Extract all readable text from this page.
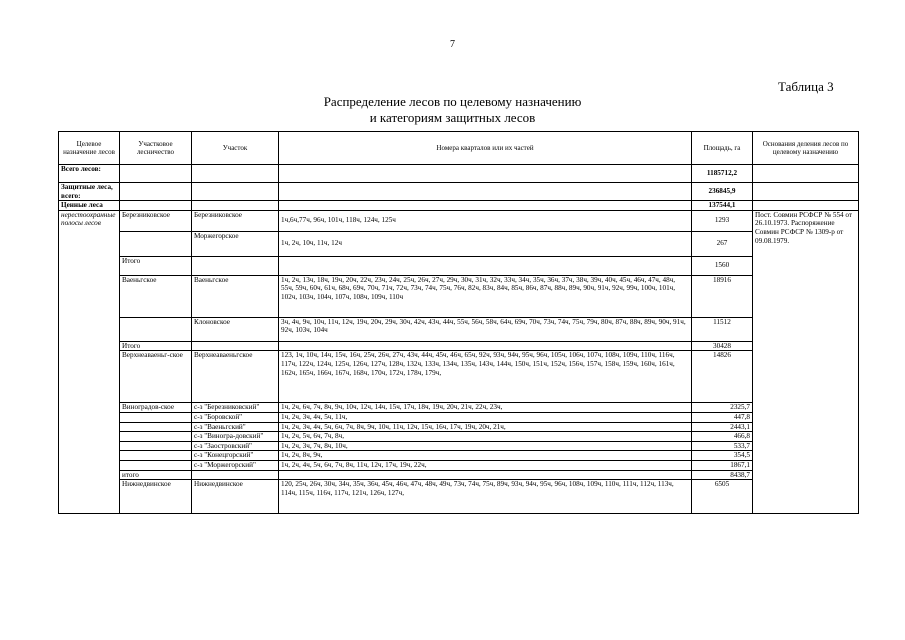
7
Таблица 3
Распределение лесов по целевому назначению
и категориям защитных лесов
Целевое назначение лесов	Участковое лесничество	Участок	Номера кварталов или их частей	Площадь, га	Основания деления лесов по целевому назначению
Всего лесов:				1185712,2	
Защитные леса, всего:				236845,9	
Ценные леса				137544,1	
нерестоохранные полосы лесов	Березниковское	Березниковское	1ч,6ч,77ч, 96ч, 101ч, 118ч, 124ч, 125ч	1293	Пост. Совмин РСФСР № 554 от 26.10.1973. Распоряжение Совмин РСФСР № 1309-р от 09.08.1979.
		Моржегорское	1ч, 2ч, 10ч, 11ч, 12ч	267	
	Итого			1560	
	Ваеньгское	Ваеньгское	1ч, 2ч, 13ч, 18ч, 19ч, 20ч, 22ч, 23ч, 24ч, 25ч, 26ч, 27ч, 29ч, 30ч, 31ч, 32ч, 33ч, 34ч, 35ч, 36ч, 37ч, 38ч, 39ч, 40ч, 45ч, 46ч, 47ч, 48ч, 55ч, 59ч, 60ч, 61ч, 68ч, 69ч, 70ч, 71ч, 72ч, 73ч, 74ч, 75ч, 76ч, 82ч, 83ч, 84ч, 85ч, 86ч, 87ч, 88ч, 89ч, 90ч, 91ч, 92ч, 99ч, 100ч, 101ч, 102ч, 103ч, 104ч, 107ч, 108ч, 109ч, 110ч	18916	
		Клоновское	3ч, 4ч, 9ч, 10ч, 11ч, 12ч, 19ч, 20ч, 29ч, 30ч, 42ч, 43ч, 44ч, 55ч, 56ч, 58ч, 64ч, 69ч, 70ч, 73ч, 74ч, 75ч, 79ч, 80ч, 87ч, 88ч, 89ч, 90ч, 91ч, 92ч, 103ч, 104ч	11512	
	Итого			30428	
	Верхнеаваеньг-ское	Верхнеаваеньгское	123, 1ч, 10ч, 14ч, 15ч, 16ч, 25ч, 26ч, 27ч, 43ч, 44ч, 45ч, 46ч, 65ч, 92ч, 93ч, 94ч, 95ч, 96ч, 105ч, 106ч, 107ч, 108ч, 109ч, 110ч, 116ч, 117ч, 122ч, 124ч, 125ч, 126ч, 127ч, 128ч, 132ч, 133ч, 134ч, 135ч, 143ч, 144ч, 150ч, 151ч, 152ч, 156ч, 157ч, 158ч, 159ч, 160ч, 161ч, 162ч, 165ч, 166ч, 167ч, 168ч, 170ч, 172ч, 178ч, 179ч,	14826	
	Виноградов-ское	с-з "Березниковский"	1ч, 2ч, 6ч, 7ч, 8ч, 9ч, 10ч, 12ч, 14ч, 15ч, 17ч, 18ч, 19ч, 20ч, 21ч, 22ч, 23ч,	2325,7	
		с-з "Боровской"	1ч, 2ч, 3ч, 4ч, 5ч, 11ч,	447,8	
		с-з "Ваеньгский"	1ч, 2ч, 3ч, 4ч, 5ч, 6ч, 7ч, 8ч, 9ч, 10ч, 11ч, 12ч, 15ч, 16ч, 17ч, 19ч, 20ч, 21ч,	2443,1	
		с-з "Виногра-довский"	1ч, 2ч, 5ч, 6ч, 7ч, 8ч,	466,8	
		с-з "Заостровский"	1ч, 2ч, 3ч, 7ч, 8ч, 10ч,	533,7	
		с-з "Конецгорский"	1ч, 2ч, 8ч, 9ч,	354,5	
		с-з "Моржегорский"	1ч, 2ч, 4ч, 5ч, 6ч, 7ч, 8ч, 11ч, 12ч, 17ч, 19ч, 22ч,	1867,1	
	итого			8438,7	
	Нижнедвинское	Нижнедвинское	120, 25ч, 26ч, 30ч, 34ч, 35ч, 36ч, 45ч, 46ч, 47ч, 48ч, 49ч, 73ч, 74ч, 75ч, 89ч, 93ч, 94ч, 95ч, 96ч, 108ч, 109ч, 110ч, 111ч, 112ч, 113ч, 114ч, 115ч, 116ч, 117ч, 121ч, 126ч, 127ч,	6505	
